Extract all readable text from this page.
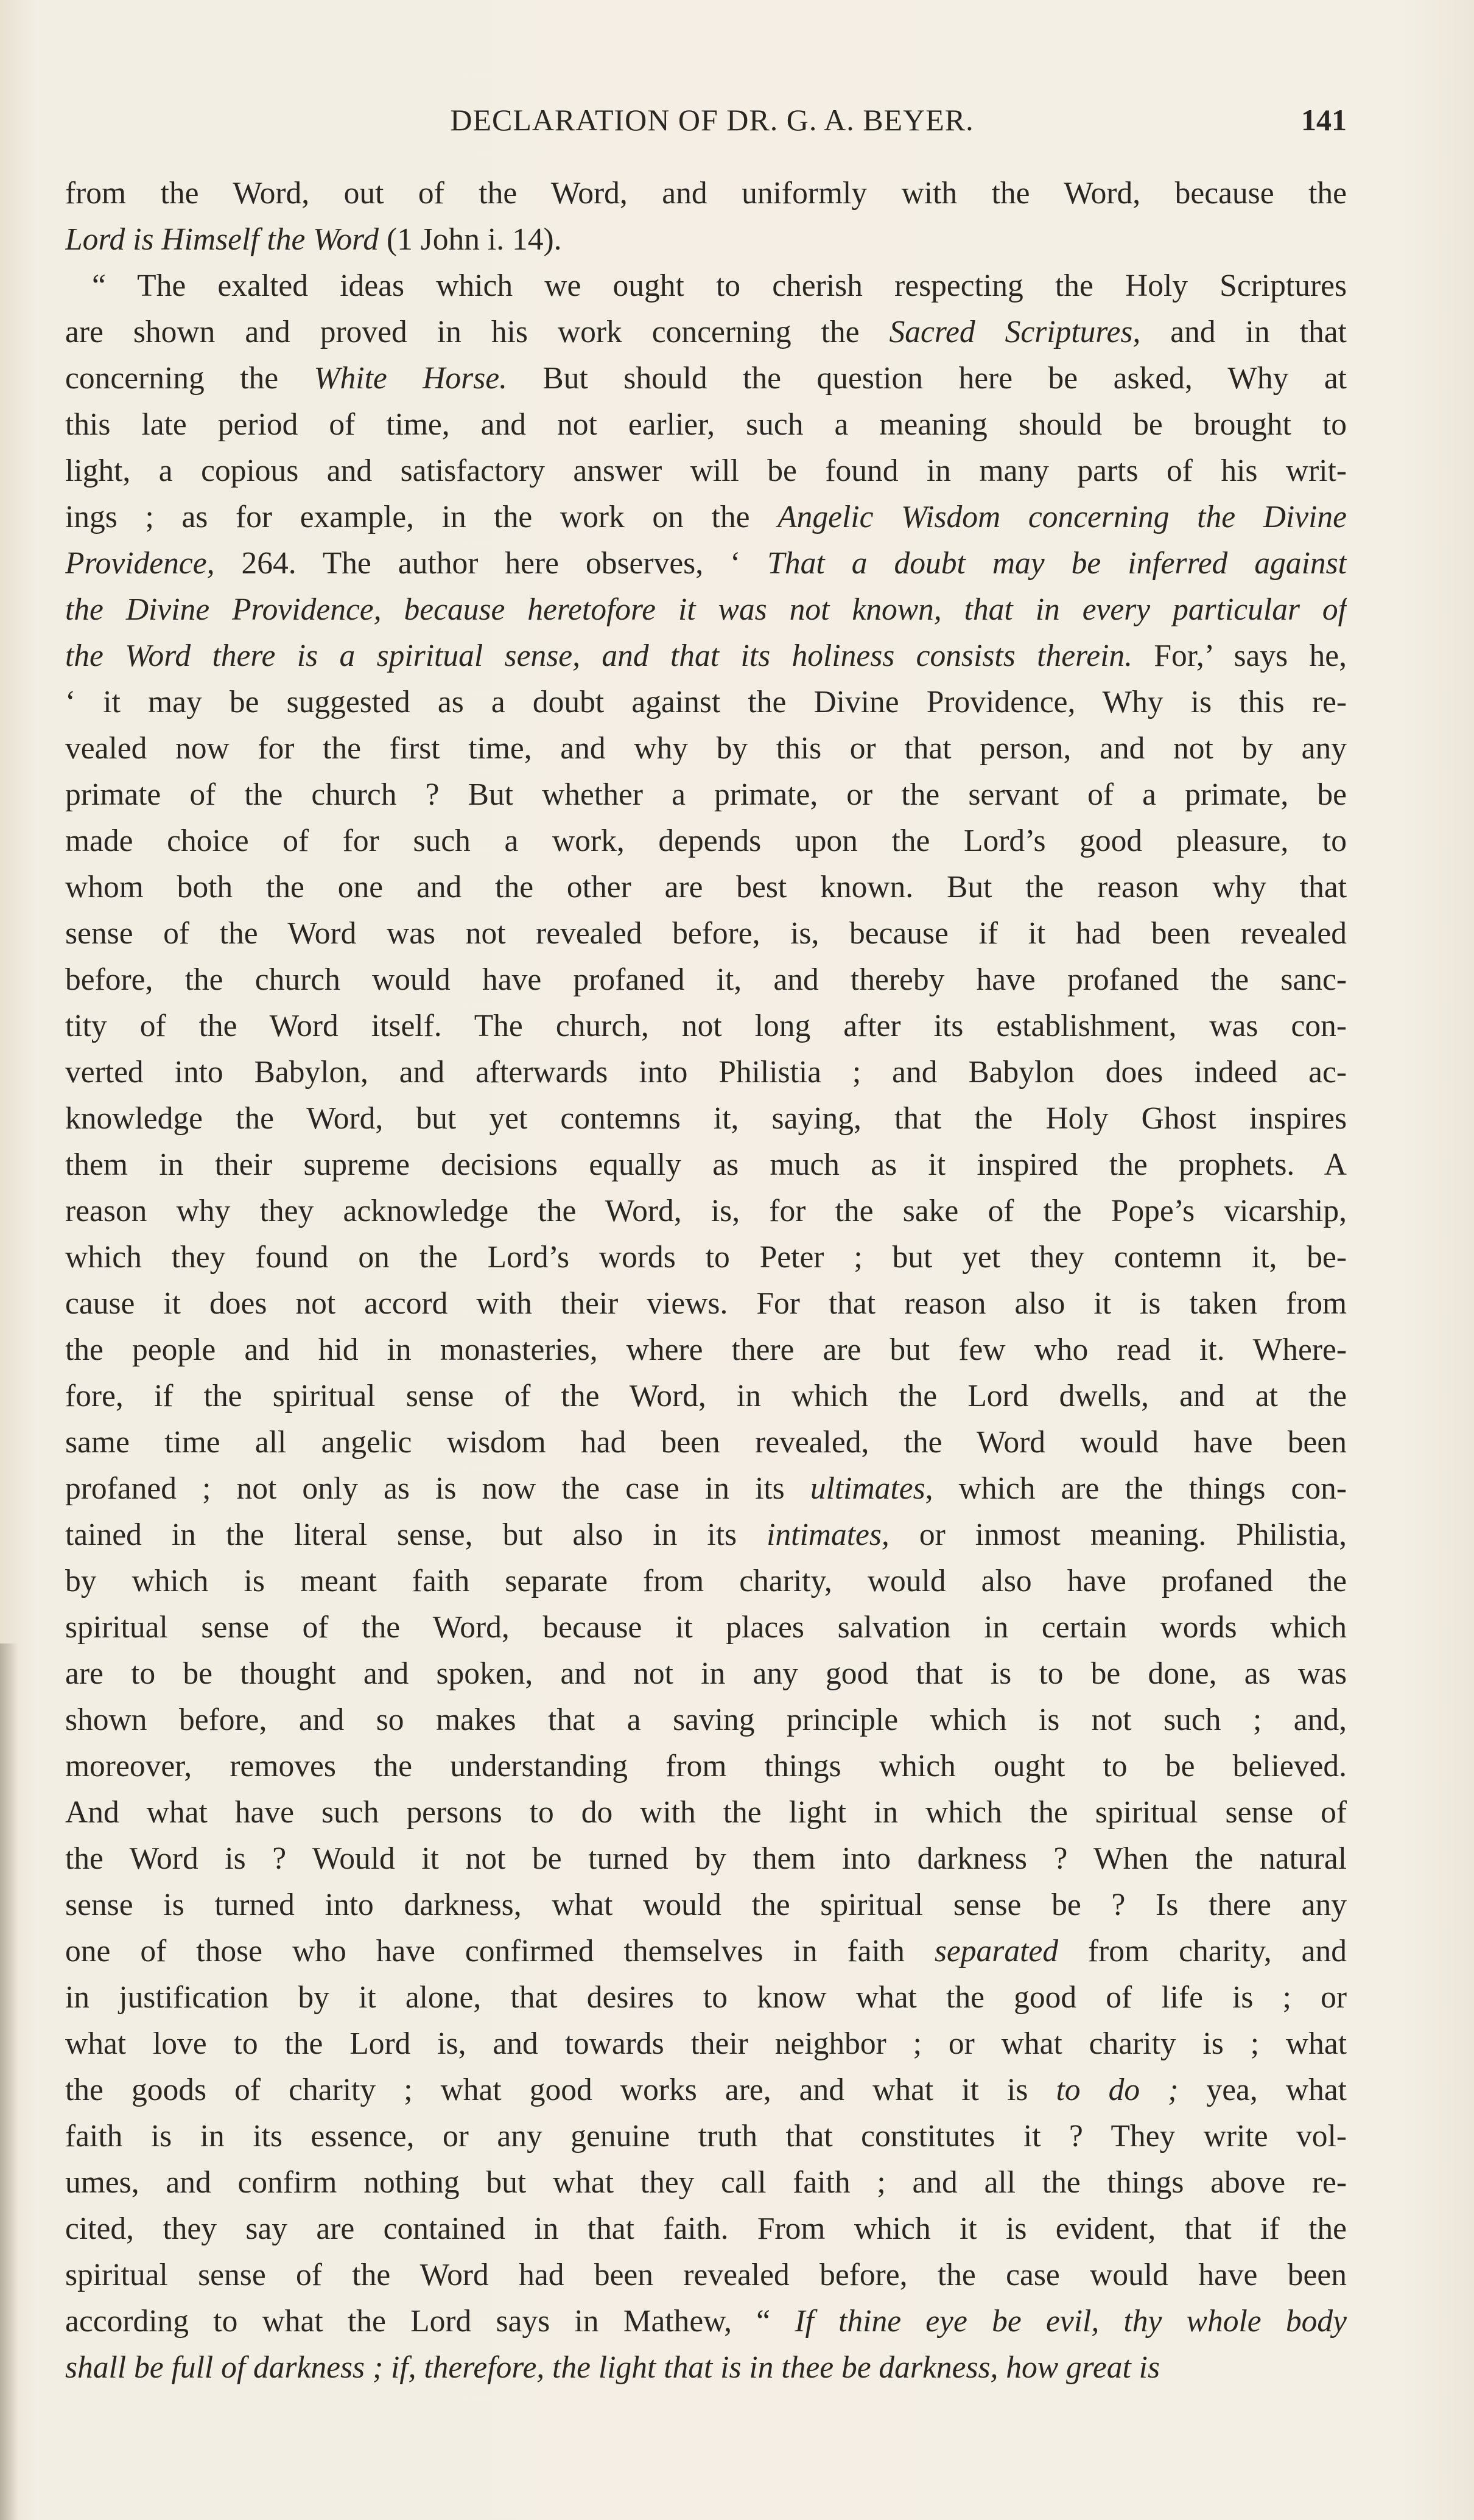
DECLARATION OF DR. G. A. BEYER.	141
from the Word, out of the Word, and uniformly with the Word, because the
Lord is Himself the Word (1 John i. 14).
“ The exalted ideas which we ought to cherish respecting the Holy Scriptures
are shown and proved in his work concerning the Sacred Scriptures, and in that
concerning the White Horse. But should the question here be asked, Why at
this late period of time, and not earlier, such a meaning should be brought to
light, a copious and satisfactory answer will be found in many parts of his writ-
ings ; as for example, in the work on the Angelic Wisdom concerning the Divine
Providence, 264. The author here observes, ‘ That a doubt may be inferred against
the Divine Providence, because heretofore it was not known, that in every particular of
the Word there is a spiritual sense, and that its holiness consists therein. For,’ says he,
‘ it may be suggested as a doubt against the Divine Providence, Why is this re-
vealed now for the first time, and why by this or that person, and not by any
primate of the church ? But whether a primate, or the servant of a primate, be
made choice of for such a work, depends upon the Lord’s good pleasure, to
whom both the one and the other are best known. But the reason why that
sense of the Word was not revealed before, is, because if it had been revealed
before, the church would have profaned it, and thereby have profaned the sanc-
tity of the Word itself. The church, not long after its establishment, was con-
verted into Babylon, and afterwards into Philistia ; and Babylon does indeed ac-
knowledge the Word, but yet contemns it, saying, that the Holy Ghost inspires
them in their supreme decisions equally as much as it inspired the prophets. A
reason why they acknowledge the Word, is, for the sake of the Pope’s vicarship,
which they found on the Lord’s words to Peter ; but yet they contemn it, be-
cause it does not accord with their views. For that reason also it is taken from
the people and hid in monasteries, where there are but few who read it. Where-
fore, if the spiritual sense of the Word, in which the Lord dwells, and at the
same time all angelic wisdom had been revealed, the Word would have been
profaned ; not only as is now the case in its ultimates, which are the things con-
tained in the literal sense, but also in its intimates, or inmost meaning. Philistia,
by which is meant faith separate from charity, would also have profaned the
spiritual sense of the Word, because it places salvation in certain words which
are to be thought and spoken, and not in any good that is to be done, as was
shown before, and so makes that a saving principle which is not such ; and,
moreover, removes the understanding from things which ought to be believed.
And what have such persons to do with the light in which the spiritual sense of
the Word is ? Would it not be turned by them into darkness ? When the natural
sense is turned into darkness, what would the spiritual sense be ? Is there any
one of those who have confirmed themselves in faith separated from charity, and
in justification by it alone, that desires to know what the good of life is ; or
what love to the Lord is, and towards their neighbor ; or what charity is ; what
the goods of charity ; what good works are, and what it is to do ; yea, what
faith is in its essence, or any genuine truth that constitutes it ? They write vol-
umes, and confirm nothing but what they call faith ; and all the things above re-
cited, they say are contained in that faith. From which it is evident, that if the
spiritual sense of the Word had been revealed before, the case would have been
according to what the Lord says in Mathew, “ If thine eye be evil, thy whole body
shall be full of darkness ; if, therefore, the light that is in thee be darkness, how great is
